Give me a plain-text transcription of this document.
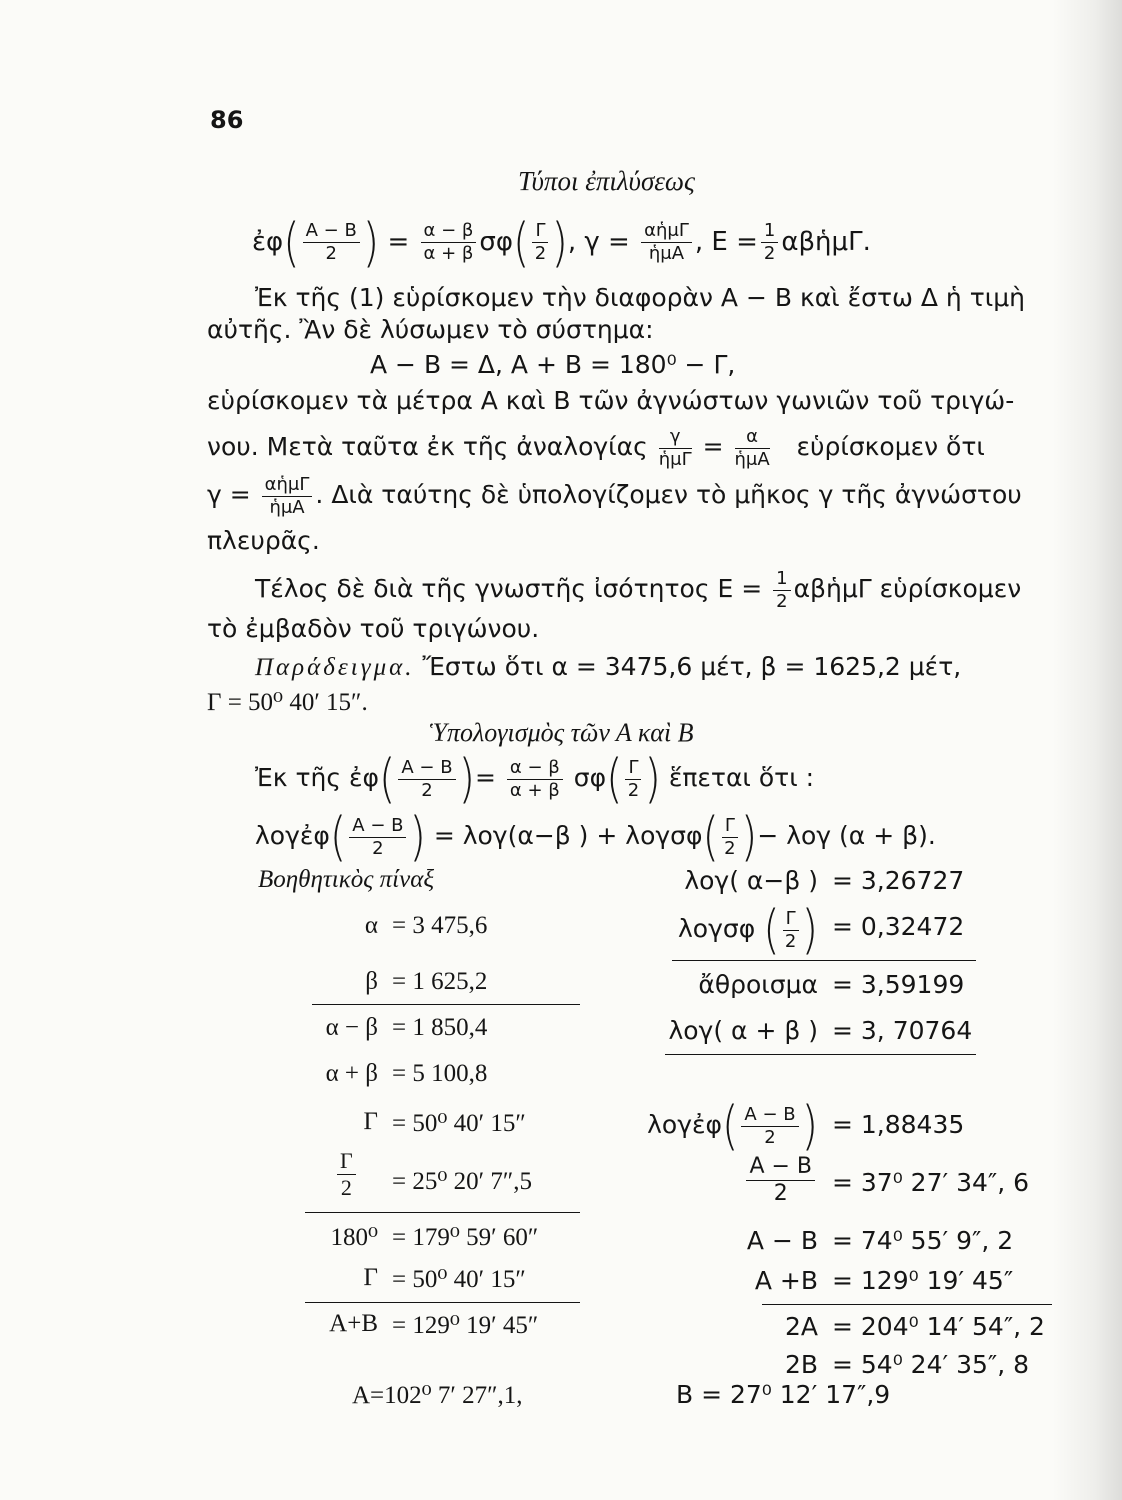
86
Τύποι ἐπιλύσεως
ἐφ( $\frac{A - B}{2}$ ) = $\frac{\alpha - \beta}{\alpha + \beta} \sigma\varphi( \frac{\Gamma}{2}$ ), $\gamma = \frac{\text{αἡμΓ}}{\text{ἡμΑ}}$ , $E = \frac{1}{2}$ αβἡμΓ.
Ἐκ τῆς (1) εὑρίσκομεν τὴν διαφορὰν Α − Β καὶ ἔστω Δ ἡ τιμὴ
αὐτῆς. Ἂν δὲ λύσωμεν τὸ σύστημα:
Α − Β = Δ, Α + Β = 180⁰ − Γ,
εὑρίσκομεν τὰ μέτρα Α καὶ Β τῶν ἀγνώστων γωνιῶν τοῦ τριγώ-
νου. Μετὰ ταῦτα ἐκ τῆς ἀναλογίας $\frac{\gamma}{\text{ἡμΓ}} = \frac{\alpha}{\text{ἡμΑ}}$ εὑρίσκομεν ὅτι
$\gamma = \frac{\text{αἡμΓ}}{\text{ἡμΑ}}$ . Διὰ ταύτης δὲ ὑπολογίζομεν τὸ μῆκος γ τῆς ἀγνώστου
πλευρᾶς.
Τέλος δὲ διὰ τῆς γνωστῆς ἰσότητος $E = \frac{1}{2}$ αβἡμΓ εὑρίσκομεν
τὸ ἐμβαδὸν τοῦ τριγώνου.
Παράδειγμα. Ἔστω ὅτι α = 3475,6 μέτ, β = 1625,2 μέτ,
Γ = 50⁰ 40′ 15″.
Ὑπολογισμὸς τῶν Α καὶ Β
Ἐκ τῆς ἐφ( $\frac{A - B}{2}$ )= $\frac{\alpha - \beta}{\alpha + \beta} \sigma\varphi( \frac{\Gamma}{2}$ ) ἕπεται ὅτι :
λογἐφ( $\frac{A - B}{2}$ ) = λογ(α−β ) + $\lambda o\gamma\sigma\varphi( \frac{\Gamma}{2}$ )− λογ (α + β).
Βοηθητικὸς πίναξ
α = 3 475,6
β = 1 625,2
α − β = 1 850,4
α + β = 5 100,8
Γ = 50⁰ 40′ 15″
$\frac{\Gamma}{2} = 25^0$ 20′ 7″,5
180⁰ = 179⁰ 59′ 60″
Γ = 50⁰ 40′ 15″
Α+Β = 129⁰ 19′ 45″
λογ( α−β ) = 3,26727
λογσφ ( $\frac{\Gamma}{2}$ ) = 0,32472
ἄθροισμα = 3,59199
λογ( α + β ) = 3, 70764
λογἐφ( $\frac{A - B}{2}$ ) = 1,88435
$\frac{A - B}{2} = 37^0$ 27′ 34″, 6
Α − Β = 74⁰ 55′ 9″, 2
Α +Β = 129⁰ 19′ 45″
2Α = 204⁰ 14′ 54″, 2
2Β = 54⁰ 24′ 35″, 8
Α=102⁰ 7′ 27″,1,	Β = 27⁰ 12′ 17″,9
